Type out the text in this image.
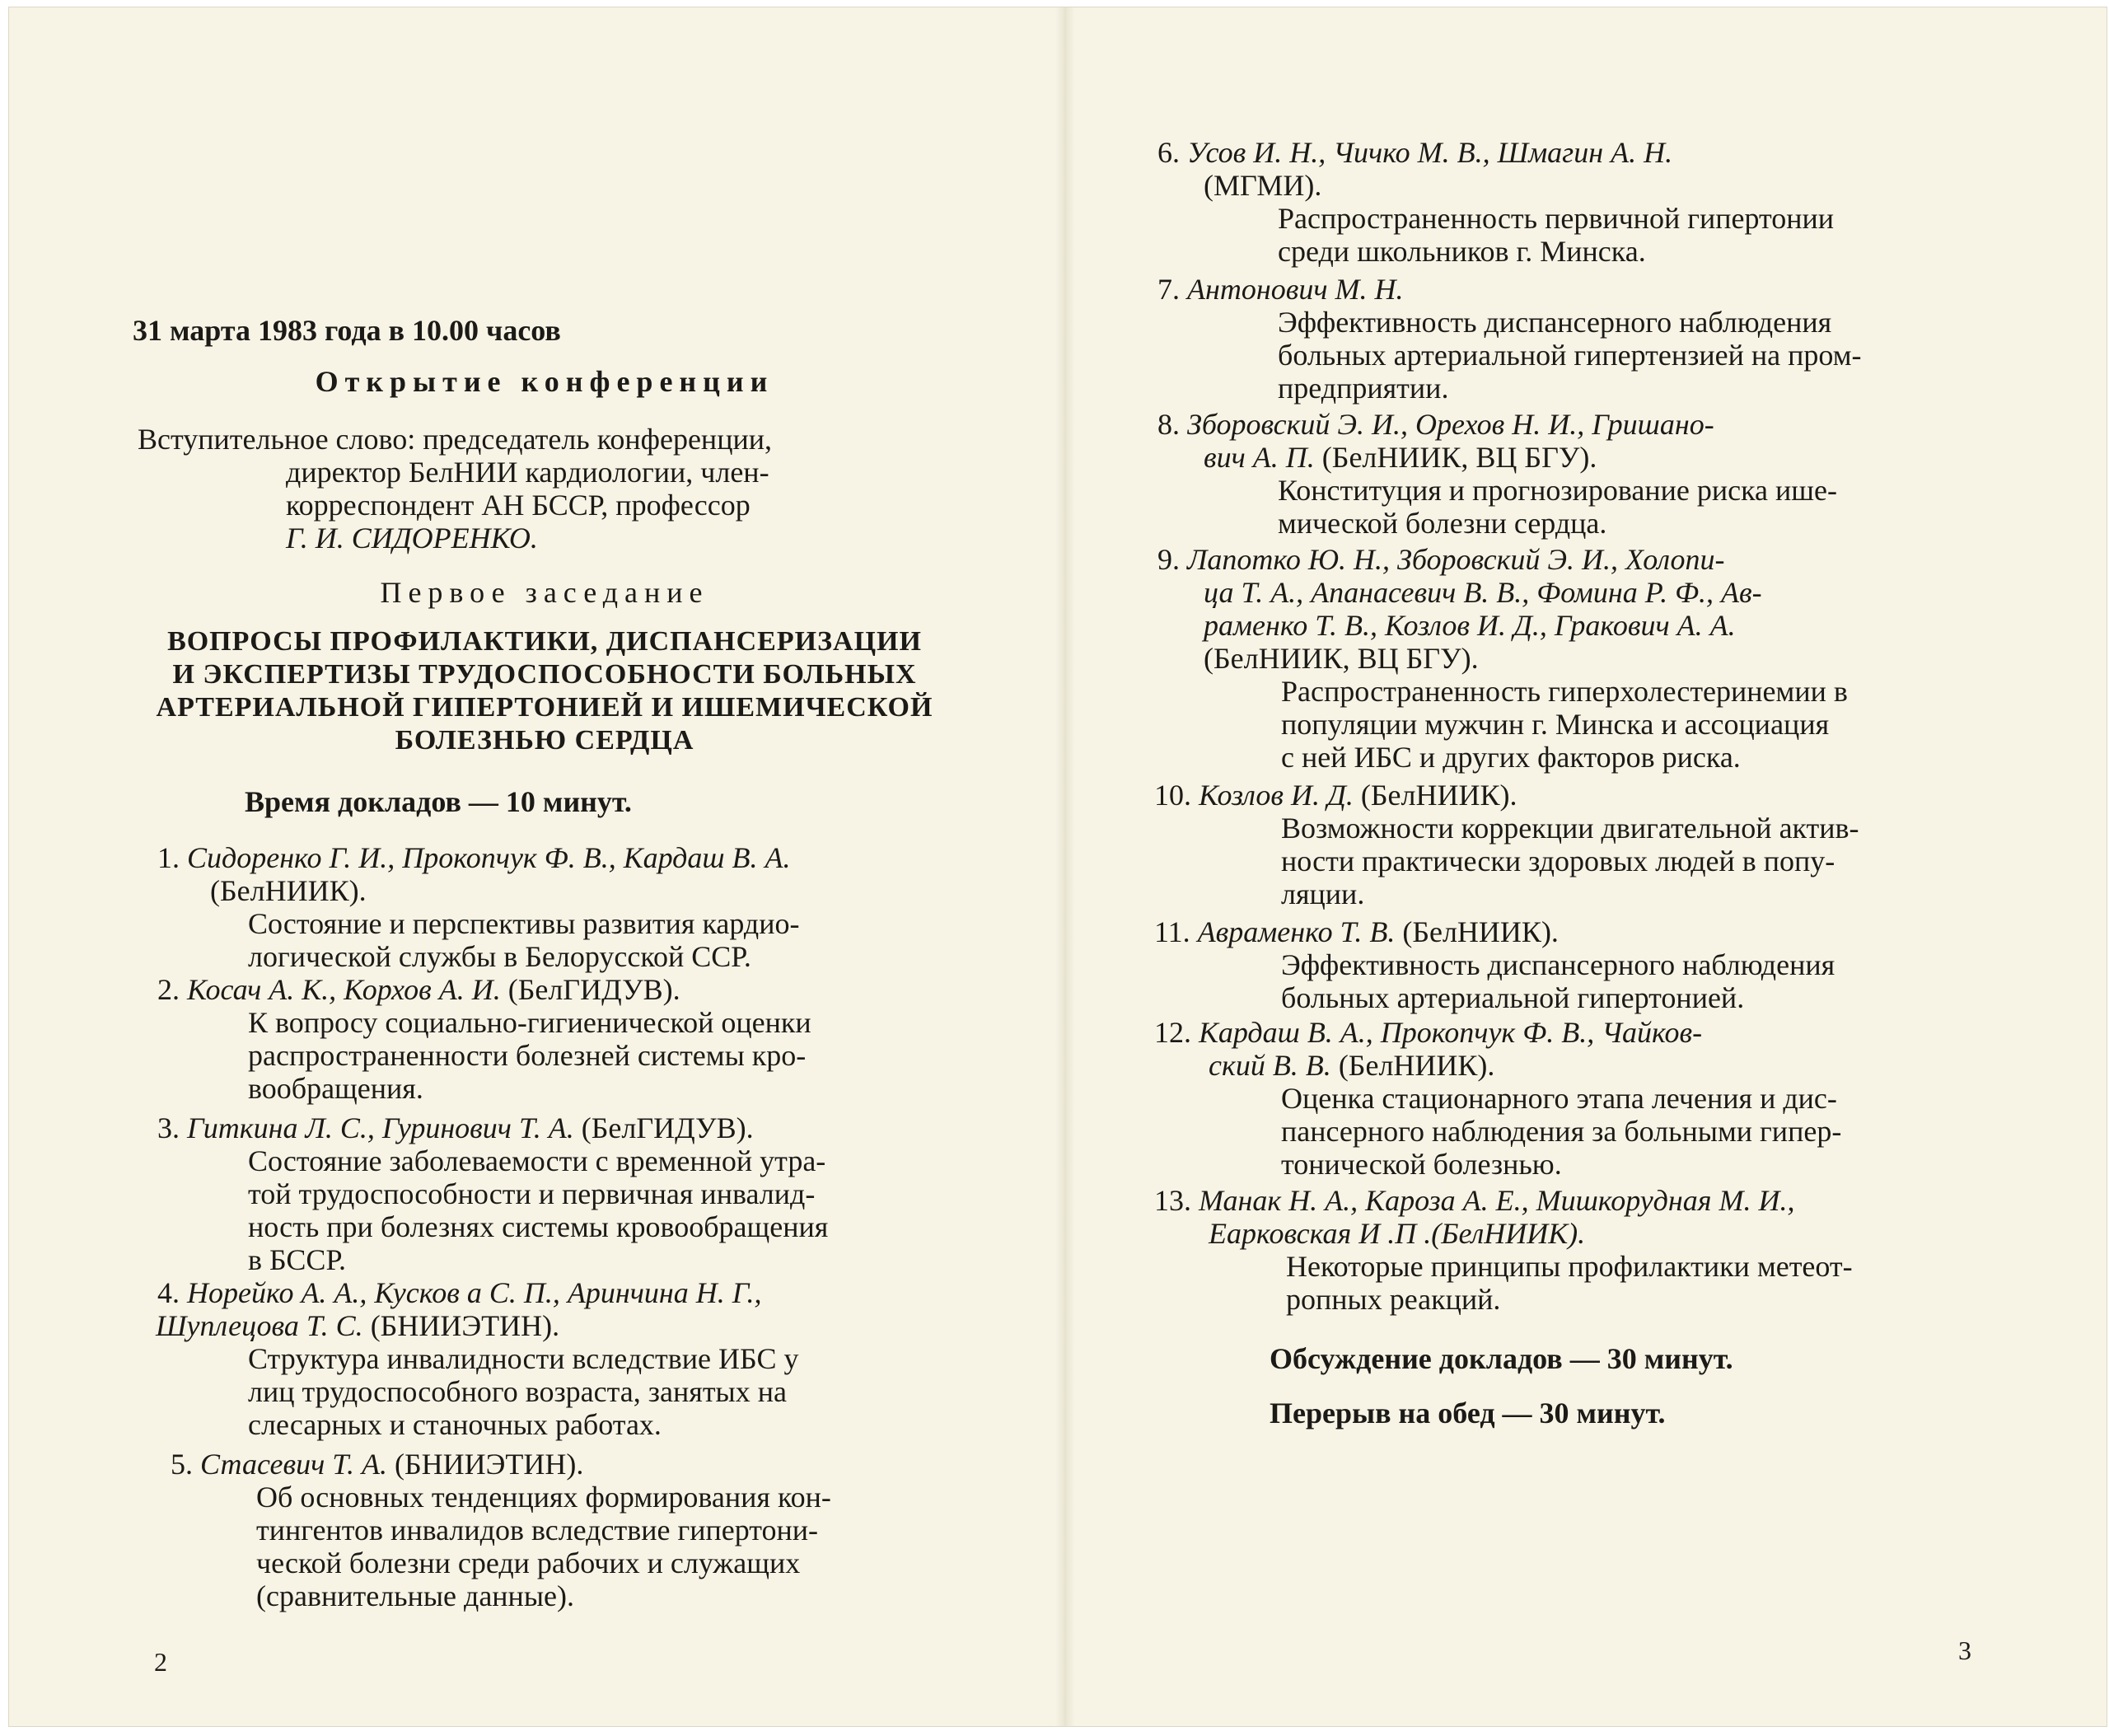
31 марта 1983 года в 10.00 часов
Открытие конференции
Вступительное слово: председатель конференции,
директор БелНИИ кардиологии, член-
корреспондент АН БССР, профессор
Г. И. СИДОРЕНКО.
Первое заседание
ВОПРОСЫ ПРОФИЛАКТИКИ, ДИСПАНСЕРИЗАЦИИ
И ЭКСПЕРТИЗЫ ТРУДОСПОСОБНОСТИ БОЛЬНЫХ
АРТЕРИАЛЬНОЙ ГИПЕРТОНИЕЙ И ИШЕМИЧЕСКОЙ
БОЛЕЗНЬЮ СЕРДЦА
Время докладов — 10 минут.
1. Сидоренко Г. И., Прокопчук Ф. В., Кардаш В. А.
(БелНИИК).
Состояние и перспективы развития кардио-
логической службы в Белорусской ССР.
2. Косач А. К., Корхов А. И. (БелГИДУВ).
К вопросу социально-гигиенической оценки
распространенности болезней системы кро-
вообращения.
3. Гиткина Л. С., Гуринович Т. А. (БелГИДУВ).
Состояние заболеваемости с временной утра-
той трудоспособности и первичная инвалид-
ность при болезнях системы кровообращения
в БССР.
4. Норейко А. А., Кусков а С. П., Аринчина Н. Г.,
Шуплецова Т. С. (БНИИЭТИН).
Структура инвалидности вследствие ИБС у
лиц трудоспособного возраста, занятых на
слесарных и станочных работах.
5. Стасевич Т. А. (БНИИЭТИН).
Об основных тенденциях формирования кон-
тингентов инвалидов вследствие гипертони-
ческой болезни среди рабочих и служащих
(сравнительные данные).
2
6. Усов И. Н., Чичко М. В., Шмагин А. Н.
(МГМИ).
Распространенность первичной гипертонии
среди школьников г. Минска.
7. Антонович М. Н.
Эффективность диспансерного наблюдения
больных артериальной гипертензией на пром-
предприятии.
8. Зборовский Э. И., Орехов Н. И., Гришано-
вич А. П. (БелНИИК, ВЦ БГУ).
Конституция и прогнозирование риска ише-
мической болезни сердца.
9. Лапотко Ю. Н., Зборовский Э. И., Холопи-
ца Т. А., Апанасевич В. В., Фомина Р. Ф., Ав-
раменко Т. В., Козлов И. Д., Гракович А. А.
(БелНИИК, ВЦ БГУ).
Распространенность гиперхолестеринемии в
популяции мужчин г. Минска и ассоциация
с ней ИБС и других факторов риска.
10. Козлов И. Д. (БелНИИК).
Возможности коррекции двигательной актив-
ности практически здоровых людей в попу-
ляции.
11. Авраменко Т. В. (БелНИИК).
Эффективность диспансерного наблюдения
больных артериальной гипертонией.
12. Кардаш В. А., Прокопчук Ф. В., Чайков-
ский В. В. (БелНИИК).
Оценка стационарного этапа лечения и дис-
пансерного наблюдения за больными гипер-
тонической болезнью.
13. Манак Н. А., Кароза А. Е., Мишкорудная М. И.,
Еарковская И .П .(БелНИИК).
Некоторые принципы профилактики метеот-
ропных реакций.
Обсуждение докладов — 30 минут.
Перерыв на обед — 30 минут.
3
